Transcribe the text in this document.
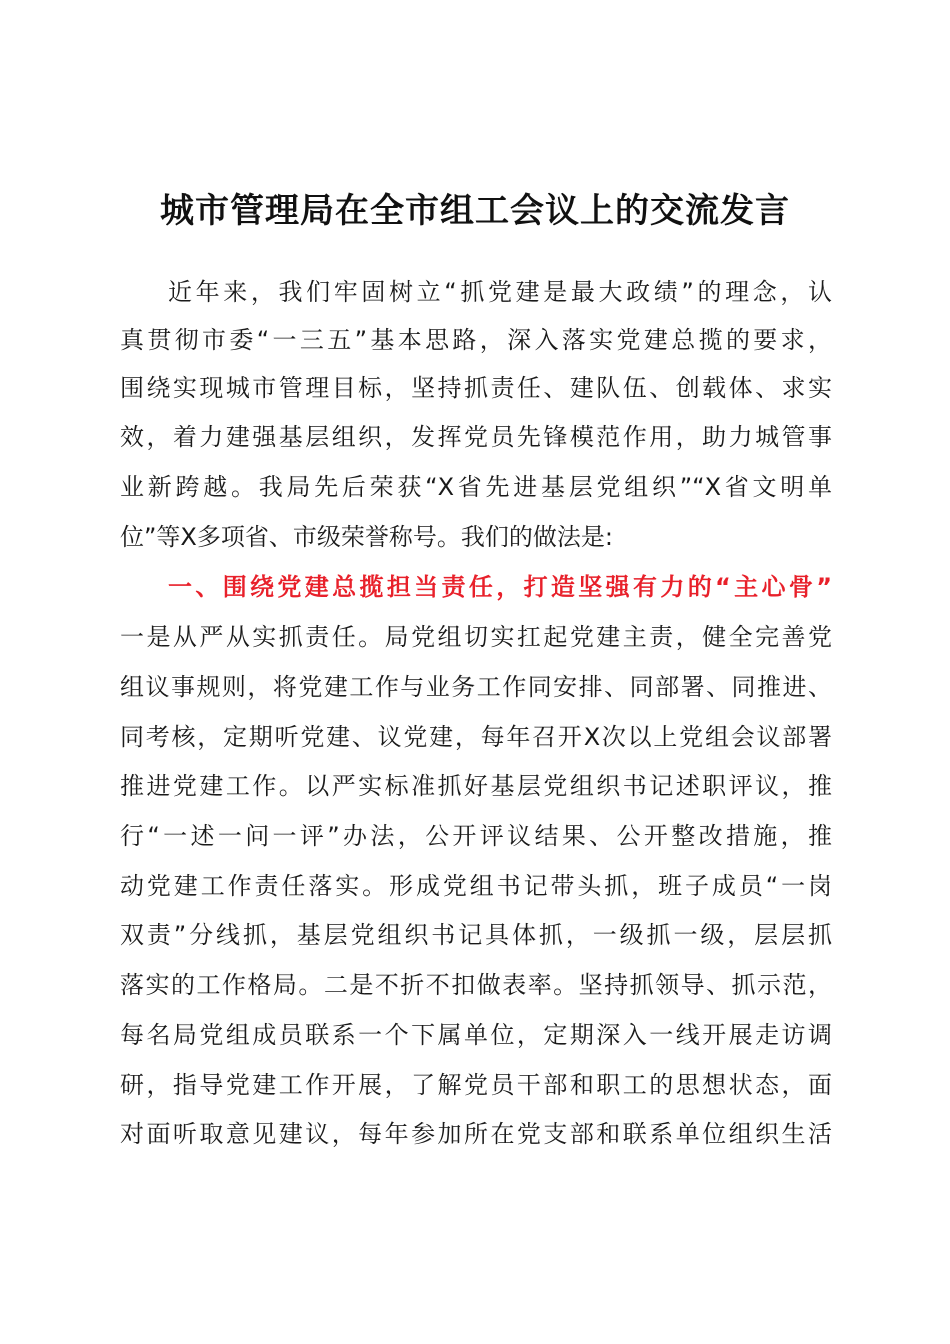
城市管理局在全市组工会议上的交流发言
近年来，我们牢固树立“抓党建是最大政绩”的理念，认
真贯彻市委“一三五”基本思路，深入落实党建总揽的要求，
围绕实现城市管理目标，坚持抓责任、建队伍、创载体、求实
效，着力建强基层组织，发挥党员先锋模范作用，助力城管事
业新跨越。我局先后荣获“X省先进基层党组织”“X省文明单
位”等X多项省、市级荣誉称号。我们的做法是:
一、围绕党建总揽担当责任，打造坚强有力的“主心骨”
一是从严从实抓责任。局党组切实扛起党建主责，健全完善党
组议事规则，将党建工作与业务工作同安排、同部署、同推进、
同考核，定期听党建、议党建，每年召开X次以上党组会议部署
推进党建工作。以严实标准抓好基层党组织书记述职评议，推
行“一述一问一评”办法，公开评议结果、公开整改措施，推
动党建工作责任落实。形成党组书记带头抓，班子成员“一岗
双责”分线抓，基层党组织书记具体抓，一级抓一级，层层抓
落实的工作格局。二是不折不扣做表率。坚持抓领导、抓示范，
每名局党组成员联系一个下属单位，定期深入一线开展走访调
研，指导党建工作开展，了解党员干部和职工的思想状态，面
对面听取意见建议，每年参加所在党支部和联系单位组织生活
